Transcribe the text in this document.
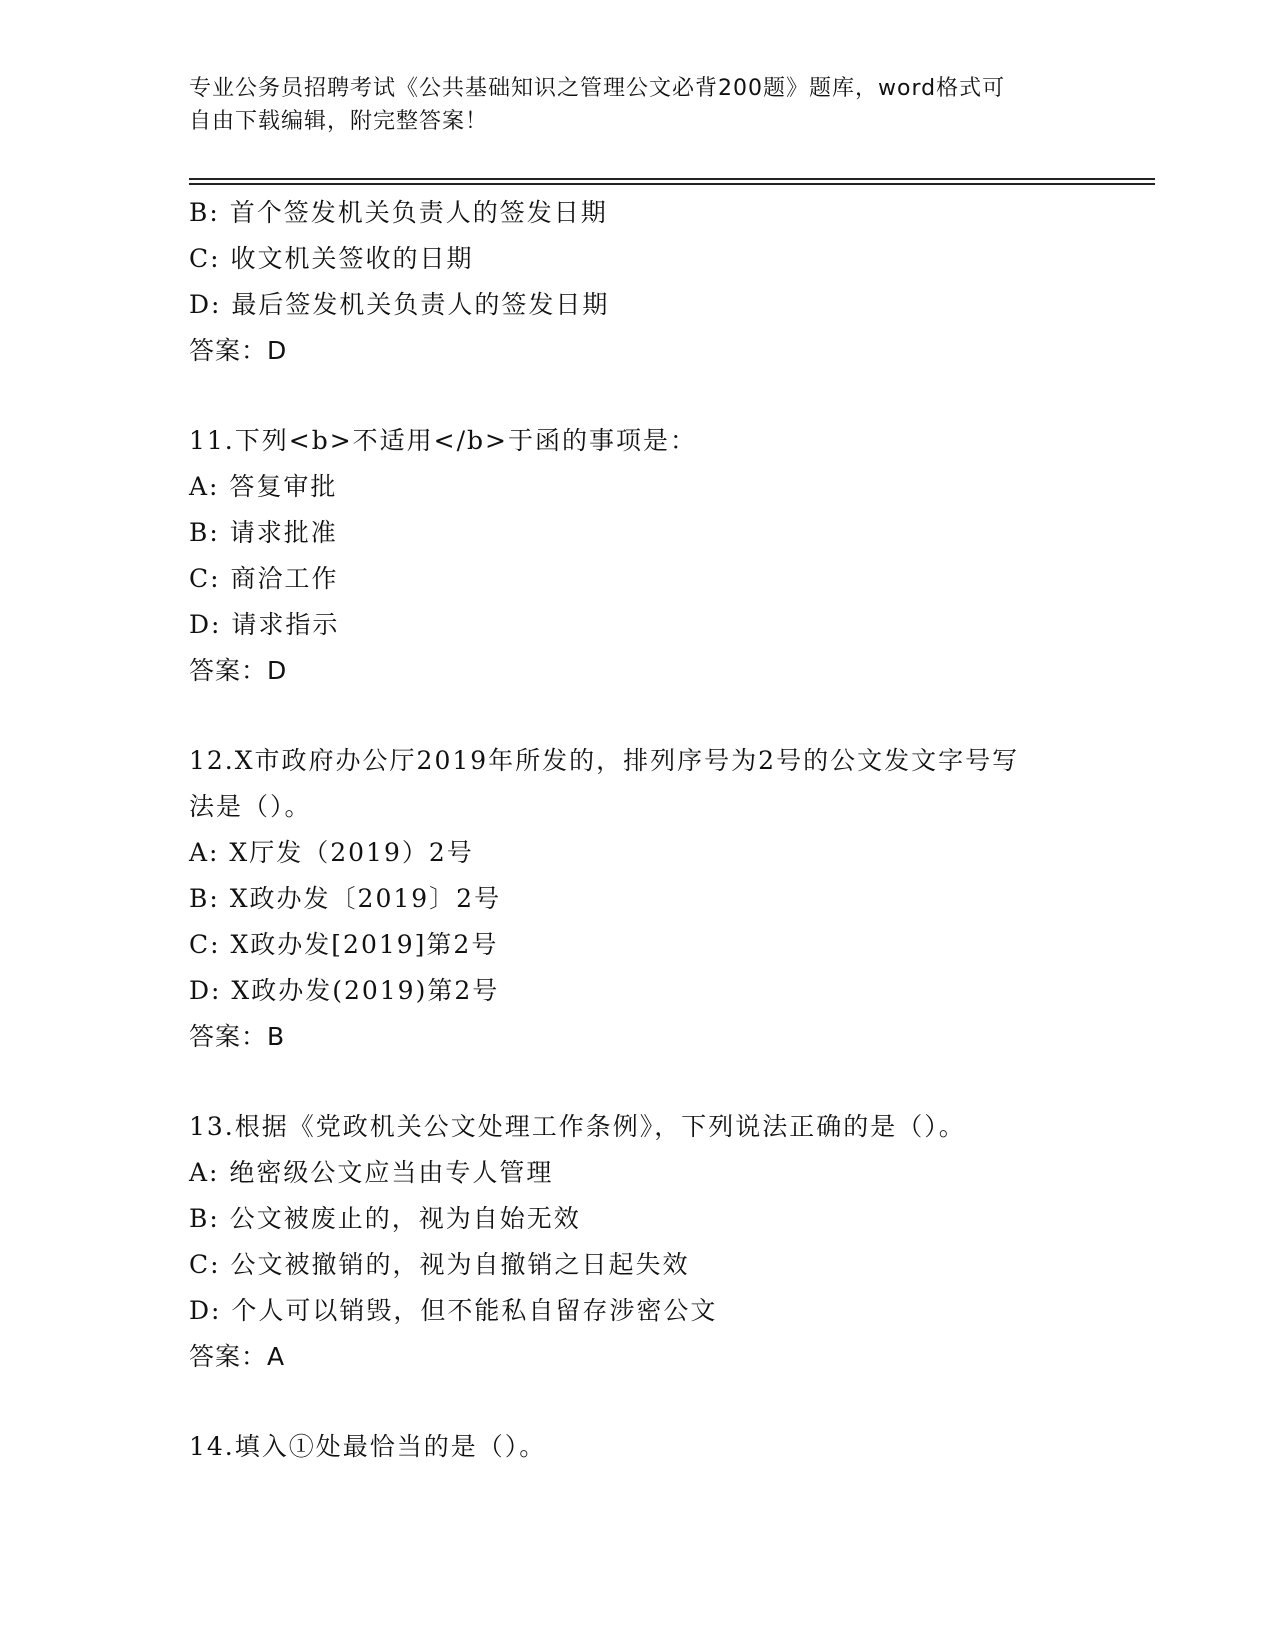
专业公务员招聘考试《公共基础知识之管理公文必背200题》题库，word格式可
自由下载编辑，附完整答案！
B: 首个签发机关负责人的签发日期
C: 收文机关签收的日期
D: 最后签发机关负责人的签发日期
答案：D
11.下列<b>不适用</b>于函的事项是：
A: 答复审批
B: 请求批准
C: 商洽工作
D: 请求指示
答案：D
12.X市政府办公厅2019年所发的，排列序号为2号的公文发文字号写
法是（）。
A: X厅发（2019）2号
B: X政办发〔2019〕2号
C: X政办发[2019]第2号
D: X政办发(2019)第2号
答案：B
13.根据《党政机关公文处理工作条例》，下列说法正确的是（）。
A: 绝密级公文应当由专人管理
B: 公文被废止的，视为自始无效
C: 公文被撤销的，视为自撤销之日起失效
D: 个人可以销毁，但不能私自留存涉密公文
答案：A
14.填入①处最恰当的是（）。
